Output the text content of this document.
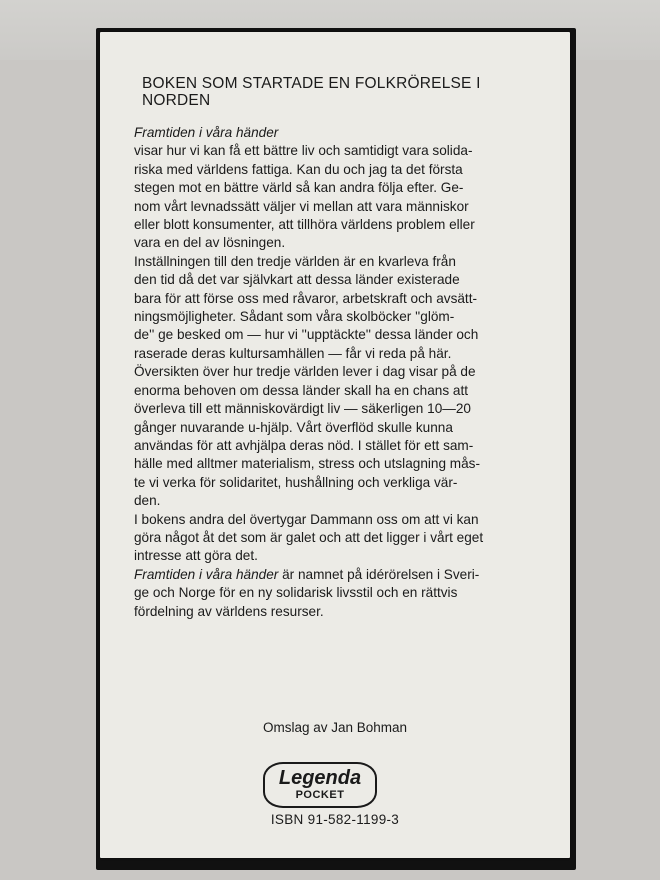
BOKEN SOM STARTADE EN FOLKRÖRELSE I
NORDEN

Framtiden i våra händer

visar hur vi kan få ett bättre liv och samtidigt vara solida-
riska med världens fattiga. Kan du och jag ta det första
stegen mot en bättre värld så kan andra följa efter. Ge-
nom vårt levnadssätt väljer vi mellan att vara människor
eller blott konsumenter, att tillhöra världens problem eller
vara en del av lösningen.
Inställningen till den tredje världen är en kvarleva från
den tid då det var självkart att dessa länder existerade
bara för att förse oss med råvaror, arbetskraft och avsätt-
ningsmöjligheter. Sådant som våra skolböcker ''glöm-
de'' ge besked om — hur vi ''upptäckte'' dessa länder och
raserade deras kultursamhällen — får vi reda på här.
Översikten över hur tredje världen lever i dag visar på de
enorma behoven om dessa länder skall ha en chans att
överleva till ett människovärdigt liv — säkerligen 10—20
gånger nuvarande u-hjälp. Vårt överflöd skulle kunna
användas för att avhjälpa deras nöd. I stället för ett sam-
hälle med alltmer materialism, stress och utslagning mås-
te vi verka för solidaritet, hushållning och verkliga vär-
den.
I bokens andra del övertygar Dammann oss om att vi kan
göra något åt det som är galet och att det ligger i vårt eget
intresse att göra det.
Framtiden i våra händer är namnet på idérörelsen i Sveri-
ge och Norge för en ny solidarisk livsstil och en rättvis
fördelning av världens resurser.
Omslag av Jan Bohman
Legenda
POCKET
ISBN 91-582-1199-3
